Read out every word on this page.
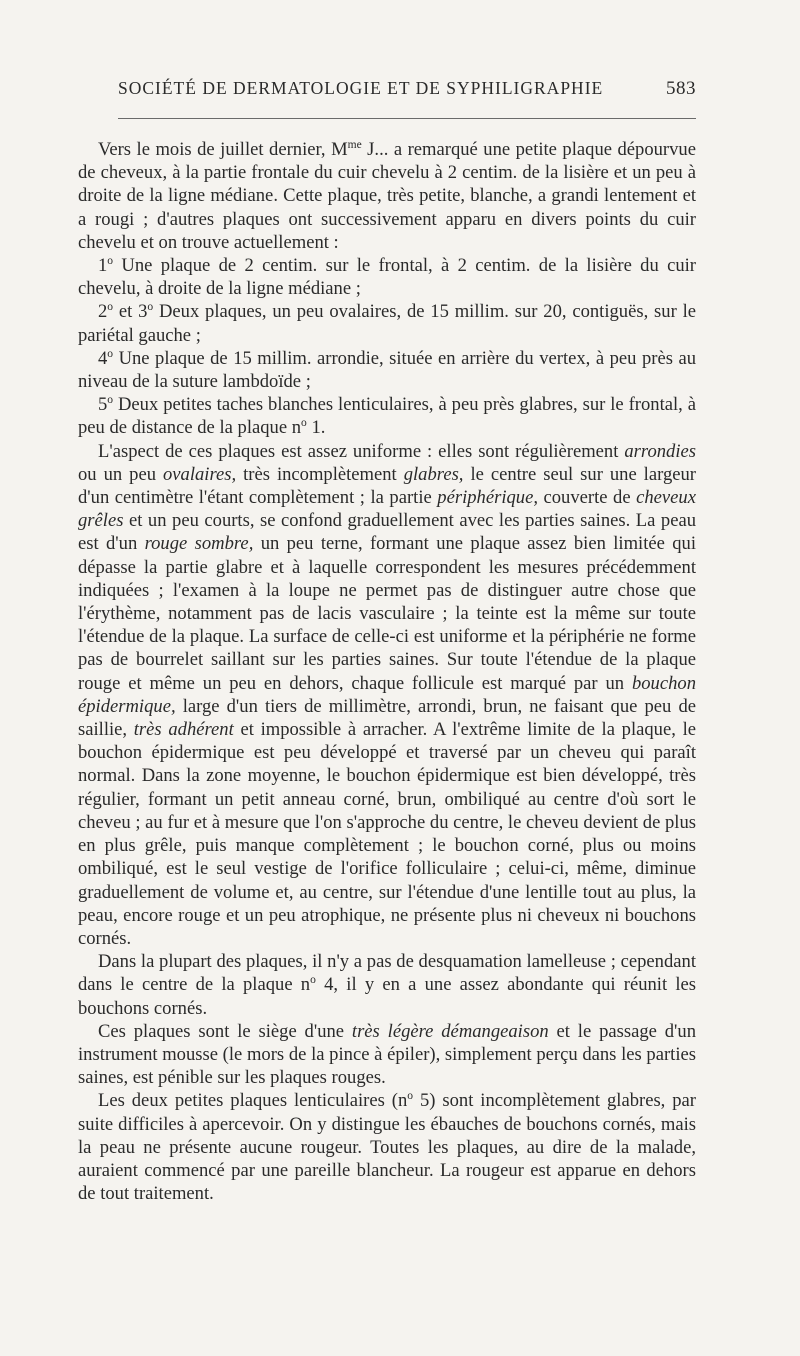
SOCIÉTÉ DE DERMATOLOGIE ET DE SYPHILIGRAPHIE	583

Vers le mois de juillet dernier, $M^{me}$ J... a remarqué une petite plaque dépourvue de cheveux, à la partie frontale du cuir chevelu à 2 centim. de la lisière et un peu à droite de la ligne médiane. Cette plaque, très petite, blanche, a grandi lentement et a rougi ; d'autres plaques ont successivement apparu en divers points du cuir chevelu et on trouve actuellement :

1$^o$ Une plaque de 2 centim. sur le frontal, à 2 centim. de la lisière du cuir chevelu, à droite de la ligne médiane ;

2$^o$ et 3$^o$ Deux plaques, un peu ovalaires, de 15 millim. sur 20, contiguës, sur le pariétal gauche ;

4$^o$ Une plaque de 15 millim. arrondie, située en arrière du vertex, à peu près au niveau de la suture lambdoïde ;

5$^o$ Deux petites taches blanches lenticulaires, à peu près glabres, sur le frontal, à peu de distance de la plaque $n^o$ 1.

L'aspect de ces plaques est assez uniforme : elles sont régulièrement arrondies ou un peu ovalaires, très incomplètement glabres, le centre seul sur une largeur d'un centimètre l'étant complètement ; la partie périphérique, couverte de cheveux grêles et un peu courts, se confond graduellement avec les parties saines. La peau est d'un rouge sombre, un peu terne, formant une plaque assez bien limitée qui dépasse la partie glabre et à laquelle correspondent les mesures précédemment indiquées ; l'examen à la loupe ne permet pas de distinguer autre chose que l'érythème, notamment pas de lacis vasculaire ; la teinte est la même sur toute l'étendue de la plaque. La surface de celle-ci est uniforme et la périphérie ne forme pas de bourrelet saillant sur les parties saines. Sur toute l'étendue de la plaque rouge et même un peu en dehors, chaque follicule est marqué par un bouchon épidermique, large d'un tiers de millimètre, arrondi, brun, ne faisant que peu de saillie, très adhérent et impossible à arracher. A l'extrême limite de la plaque, le bouchon épidermique est peu développé et traversé par un cheveu qui paraît normal. Dans la zone moyenne, le bouchon épidermique est bien développé, très régulier, formant un petit anneau corné, brun, ombiliqué au centre d'où sort le cheveu ; au fur et à mesure que l'on s'approche du centre, le cheveu devient de plus en plus grêle, puis manque complètement ; le bouchon corné, plus ou moins ombiliqué, est le seul vestige de l'orifice folliculaire ; celui-ci, même, diminue graduellement de volume et, au centre, sur l'étendue d'une lentille tout au plus, la peau, encore rouge et un peu atrophique, ne présente plus ni cheveux ni bouchons cornés.

Dans la plupart des plaques, il n'y a pas de desquamation lamelleuse ; cependant dans le centre de la plaque $n^o$ 4, il y en a une assez abondante qui réunit les bouchons cornés.

Ces plaques sont le siège d'une très légère démangeaison et le passage d'un instrument mousse (le mors de la pince à épiler), simplement perçu dans les parties saines, est pénible sur les plaques rouges.

Les deux petites plaques lenticulaires ($n^o$ 5) sont incomplètement glabres, par suite difficiles à apercevoir. On y distingue les ébauches de bouchons cornés, mais la peau ne présente aucune rougeur. Toutes les plaques, au dire de la malade, auraient commencé par une pareille blancheur. La rougeur est apparue en dehors de tout traitement.
